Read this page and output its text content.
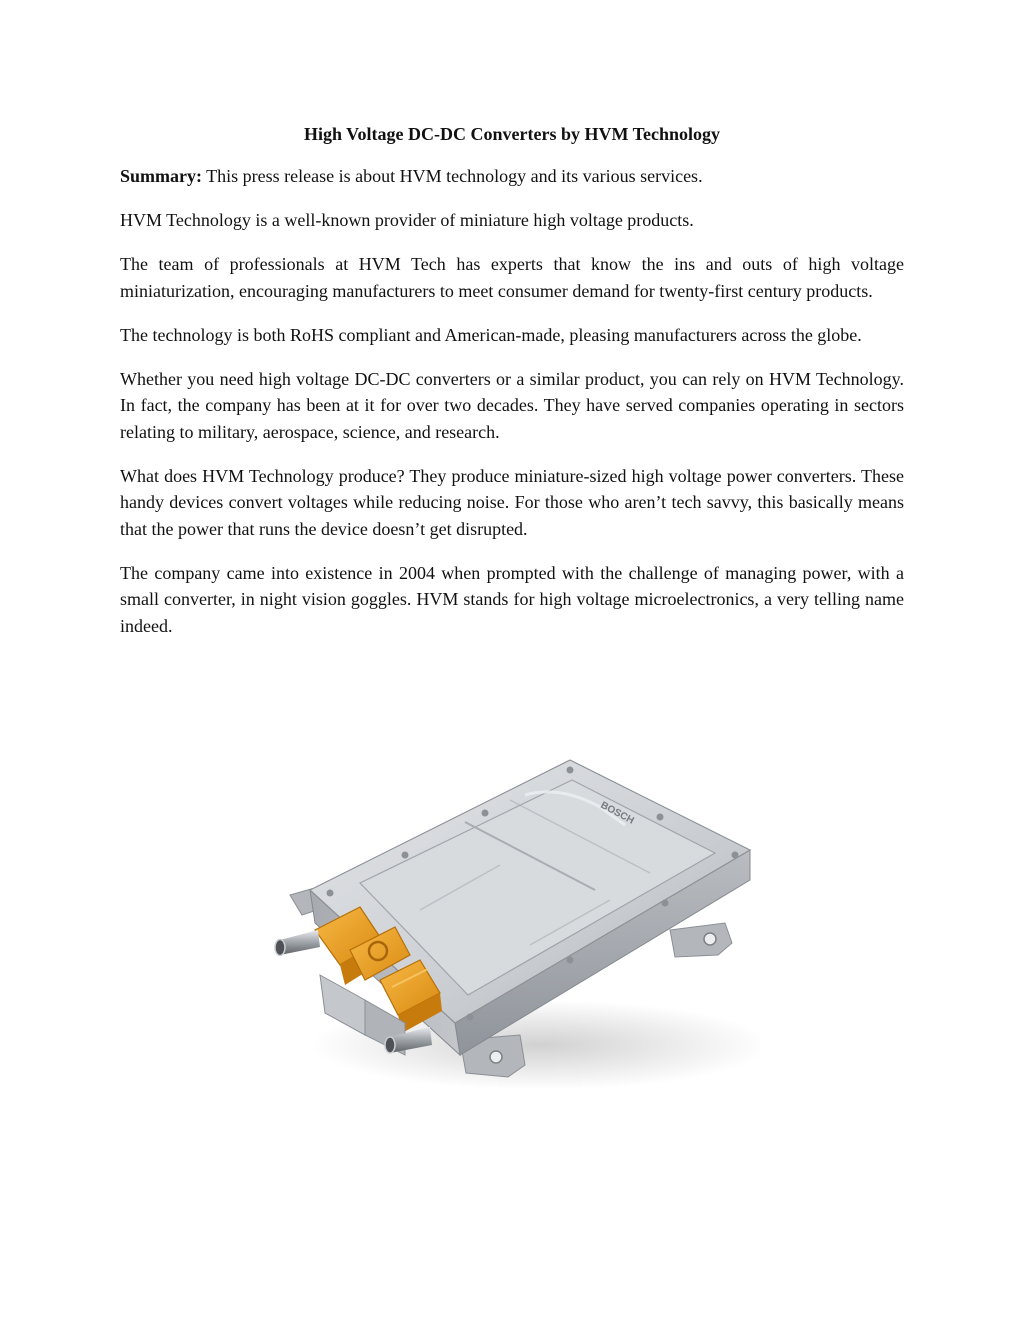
High Voltage DC-DC Converters by HVM Technology

Summary: This press release is about HVM technology and its various services.

HVM Technology is a well-known provider of miniature high voltage products.

The team of professionals at HVM Tech has experts that know the ins and outs of high voltage miniaturization, encouraging manufacturers to meet consumer demand for twenty-first century products.

The technology is both RoHS compliant and American-made, pleasing manufacturers across the globe.

Whether you need high voltage DC-DC converters or a similar product, you can rely on HVM Technology. In fact, the company has been at it for over two decades. They have served companies operating in sectors relating to military, aerospace, science, and research.

What does HVM Technology produce? They produce miniature-sized high voltage power converters. These handy devices convert voltages while reducing noise. For those who aren’t tech savvy, this basically means that the power that runs the device doesn’t get disrupted.

The company came into existence in 2004 when prompted with the challenge of managing power, with a small converter, in night vision goggles. HVM stands for high voltage microelectronics, a very telling name indeed.

BOSCH
